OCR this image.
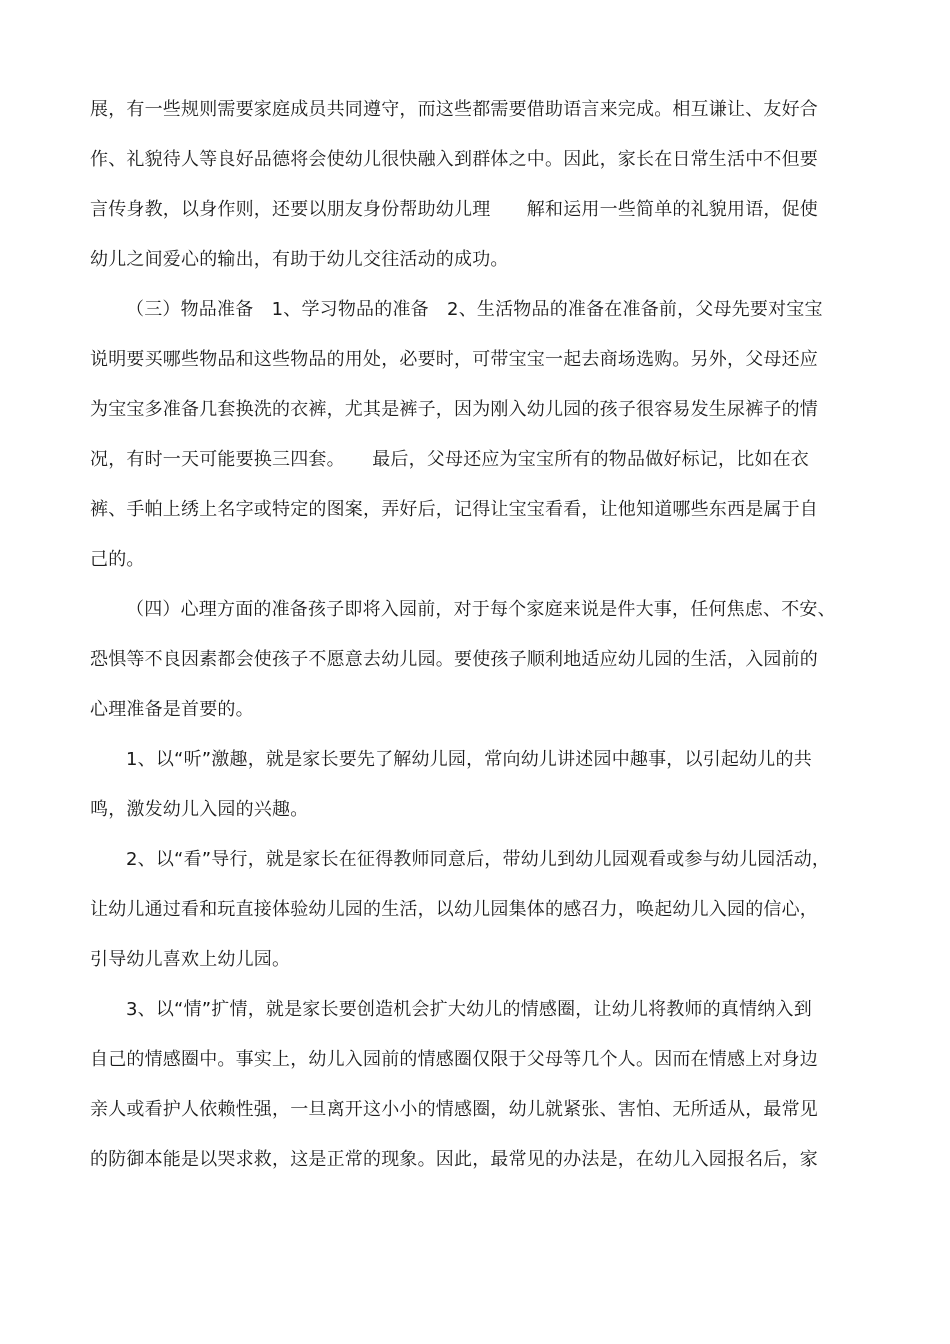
展，有一些规则需要家庭成员共同遵守，而这些都需要借助语言来完成。相互谦让、友好合
作、礼貌待人等良好品德将会使幼儿很快融入到群体之中。因此，家长在日常生活中不但要
言传身教，以身作则，还要以朋友身份帮助幼儿理　　解和运用一些简单的礼貌用语，促使
幼儿之间爱心的输出，有助于幼儿交往活动的成功。
（三）物品准备　1、学习物品的准备　2、生活物品的准备在准备前，父母先要对宝宝
说明要买哪些物品和这些物品的用处，必要时，可带宝宝一起去商场选购。另外，父母还应
为宝宝多准备几套换洗的衣裤，尤其是裤子，因为刚入幼儿园的孩子很容易发生尿裤子的情
况，有时一天可能要换三四套。　　最后，父母还应为宝宝所有的物品做好标记，比如在衣
裤、手帕上绣上名字或特定的图案，弄好后，记得让宝宝看看，让他知道哪些东西是属于自
己的。
（四）心理方面的准备孩子即将入园前，对于每个家庭来说是件大事，任何焦虑、不安、
恐惧等不良因素都会使孩子不愿意去幼儿园。要使孩子顺利地适应幼儿园的生活，入园前的
心理准备是首要的。
1、以“听”激趣，就是家长要先了解幼儿园，常向幼儿讲述园中趣事，以引起幼儿的共
鸣，激发幼儿入园的兴趣。
2、以“看”导行，就是家长在征得教师同意后，带幼儿到幼儿园观看或参与幼儿园活动，
让幼儿通过看和玩直接体验幼儿园的生活，以幼儿园集体的感召力，唤起幼儿入园的信心，
引导幼儿喜欢上幼儿园。
3、以“情”扩情，就是家长要创造机会扩大幼儿的情感圈，让幼儿将教师的真情纳入到
自己的情感圈中。事实上，幼儿入园前的情感圈仅限于父母等几个人。因而在情感上对身边
亲人或看护人依赖性强，一旦离开这小小的情感圈，幼儿就紧张、害怕、无所适从，最常见
的防御本能是以哭求救，这是正常的现象。因此，最常见的办法是，在幼儿入园报名后，家
